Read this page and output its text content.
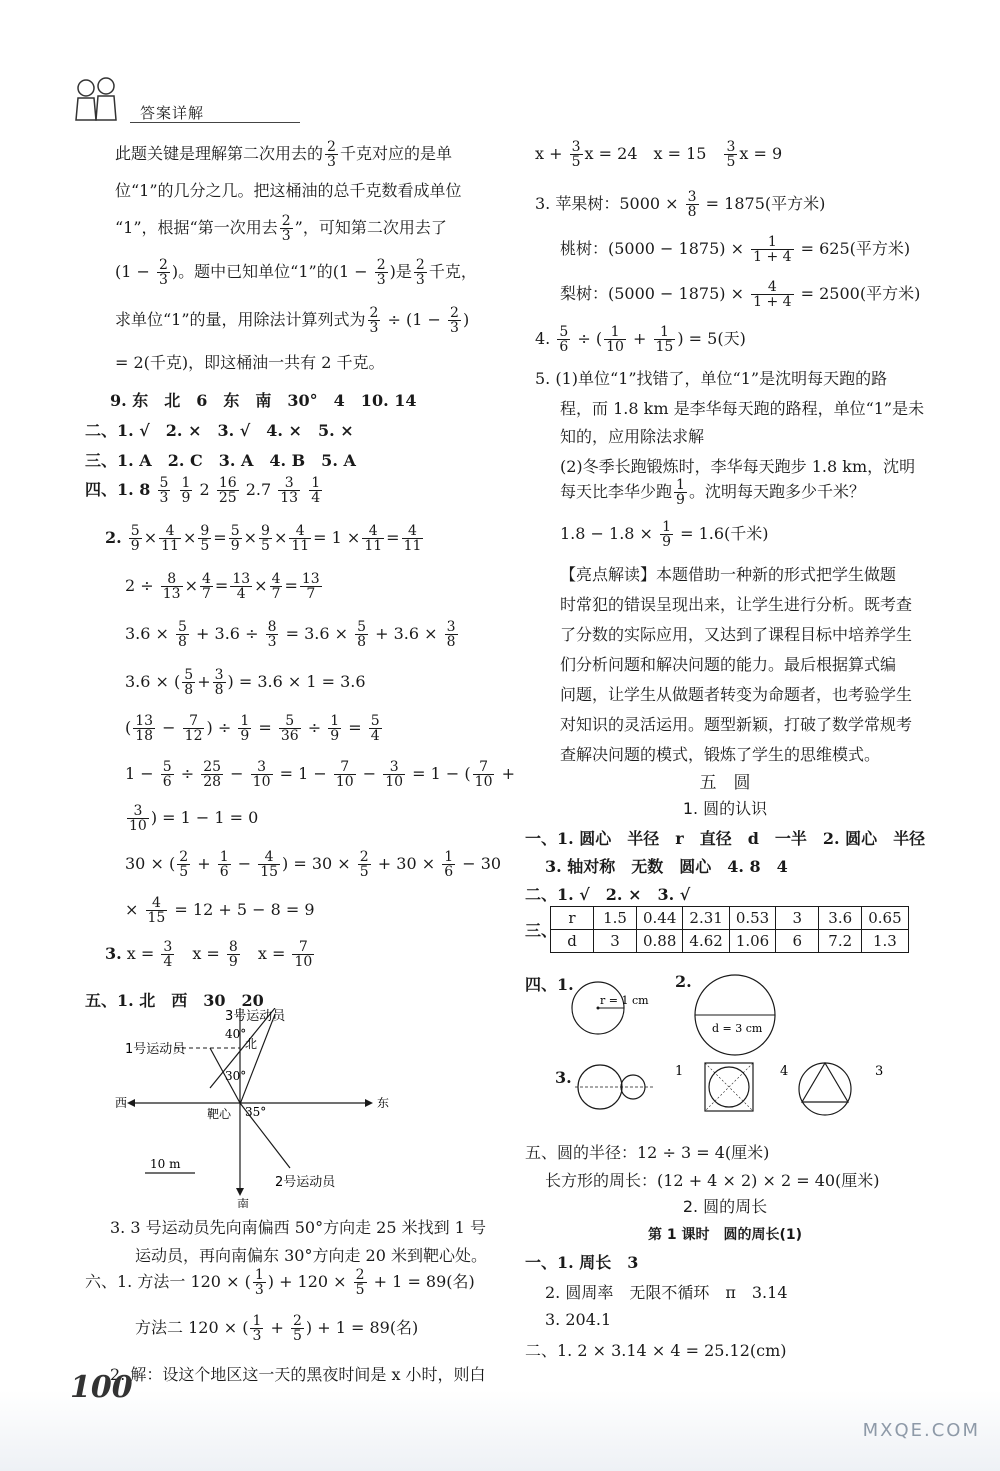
答案详解
此题关键是理解第二次用去的 $\frac{2}{3}$ 千克对应的是单
位“1”的几分之几。把这桶油的总千克数看成单位
“1”，根据“第一次用去 $\frac{2}{3}$ ”，可知第二次用去了
($1 - \frac{2}{3}$ )。题中已知单位“1”的($1 - \frac{2}{3}$ )是 $\frac{2}{3}$ 千克，
求单位“1”的量，用除法计算列式为 $\frac{2}{3} \div (1 - \frac{2}{3}$ )
= 2(千克)，即这桶油一共有 2 千克。
9. 东　北　6　东　南　30°　4　10. 14
二、1. √　2. ×　3. √　4. ×　5. ×
三、1. A　2. C　3. A　4. B　5. A
四、1. $8 \frac{5}{3}$
$\frac{1}{9} 2 \frac{16}{25} 2.7 \frac{3}{13}$
$\frac{1}{4}$
2. $\frac{5}{9} \times \frac{4}{11} \times \frac{9}{5} = \frac{5}{9} \times \frac{9}{5} \times \frac{4}{11} = 1 \times \frac{4}{11} = \frac{4}{11}$
$2 \div \frac{8}{13} \times \frac{4}{7} = \frac{13}{4} \times \frac{4}{7} = \frac{13}{7}$
$3.6 \times \frac{5}{8} + 3.6 \div \frac{8}{3} = 3.6 \times \frac{5}{8} + 3.6 \times \frac{3}{8}$
3.6 × ( $\frac{5}{8} + \frac{3}{8}$ ) = 3.6 × 1 = 3.6
( $\frac{13}{18} - \frac{7}{12}$ ) ÷ $\frac{1}{9} = \frac{5}{36} \div \frac{1}{9} = \frac{5}{4}$
$1 - \frac{5}{6} \div \frac{25}{28} - \frac{3}{10} = 1 - \frac{7}{10} - \frac{3}{10} = 1$ − ( $\frac{7}{10}$ +
$\frac{3}{10}$ ) = 1 − 1 = 0
30 × ( $\frac{2}{5} + \frac{1}{6} - \frac{4}{15}$ ) = $30 \times \frac{2}{5} + 30 \times \frac{1}{6} - 30$
× $\frac{4}{15} = 12 + 5 - 8 = 9$
3. $x = \frac{3}{4}$ 　$x = \frac{8}{9}$ 　$x = \frac{7}{10}$
五、1. 北　西　30　20
3号运动员
1号运动员
2号运动员
北
南
西	东
靶心
40°
30°
35°
10 m
3. 3 号运动员先向南偏西 50°方向走 25 米找到 1 号
运动员，再向南偏东 30°方向走 20 米到靶心处。
六、1. 方法一 120 × ( $\frac{1}{3}$ ) + $120 \times \frac{2}{5} + 1 = 89$(名)
方法二 120 × ( $\frac{1}{3} + \frac{2}{5}$ ) + 1 = 89(名)
2. 解：设这个地区这一天的黑夜时间是 x 小时，则白
$x + \frac{3}{5}$ x = 24　x = 15　 $\frac{3}{5}$ x = 9
3. 苹果树：$5000 \times \frac{3}{8} = 1875$(平方米)
桃树：$(5000 - 1875) \times \frac{1}{1 + 4} = 625$(平方米)
梨树：$(5000 - 1875) \times \frac{4}{1 + 4} = 2500$(平方米)
4. $\frac{5}{6}$ ÷ ( $\frac{1}{10} + \frac{1}{15}$ ) = 5(天)
5. (1)单位“1”找错了，单位“1”是沈明每天跑的路
程，而 1.8 km 是李华每天跑的路程，单位“1”是未
知的，应用除法求解
(2)冬季长跑锻炼时，李华每天跑步 1.8 km，沈明
每天比李华少跑 $\frac{1}{9}$ 。沈明每天跑多少千米？
$1.8 - 1.8 \times \frac{1}{9} = 1.6$(千米)
【亮点解读】本题借助一种新的形式把学生做题
时常犯的错误呈现出来，让学生进行分析。既考查
了分数的实际应用，又达到了课程目标中培养学生
们分析问题和解决问题的能力。最后根据算式编
问题，让学生从做题者转变为命题者，也考验学生
对知识的灵活运用。题型新颖，打破了数学常规考
查解决问题的模式，锻炼了学生的思维模式。
五　圆
1. 圆的认识
一、1. 圆心　半径　r　直径　d　一半　2. 圆心　半径
3. 轴对称　无数　圆心　4. 8　4
二、1. √　2. ×　3. √
三、
r	1.5	0.44	2.31	0.53	3	3.6	0.65
d	3	0.88	4.62	1.06	6	7.2	1.3
四、1.
r = 1 cm
2.
d = 3 cm
3.	1	4	3
五、圆的半径：12 ÷ 3 = 4(厘米)
长方形的周长：(12 + 4 × 2) × 2 = 40(厘米)
2. 圆的周长
第 1 课时　圆的周长(1)
一、1. 周长　3
2. 圆周率　无限不循环　π　3.14
3. 204.1
二、1. 2 × 3.14 × 4 = 25.12(cm)
100
MXQE.COM
